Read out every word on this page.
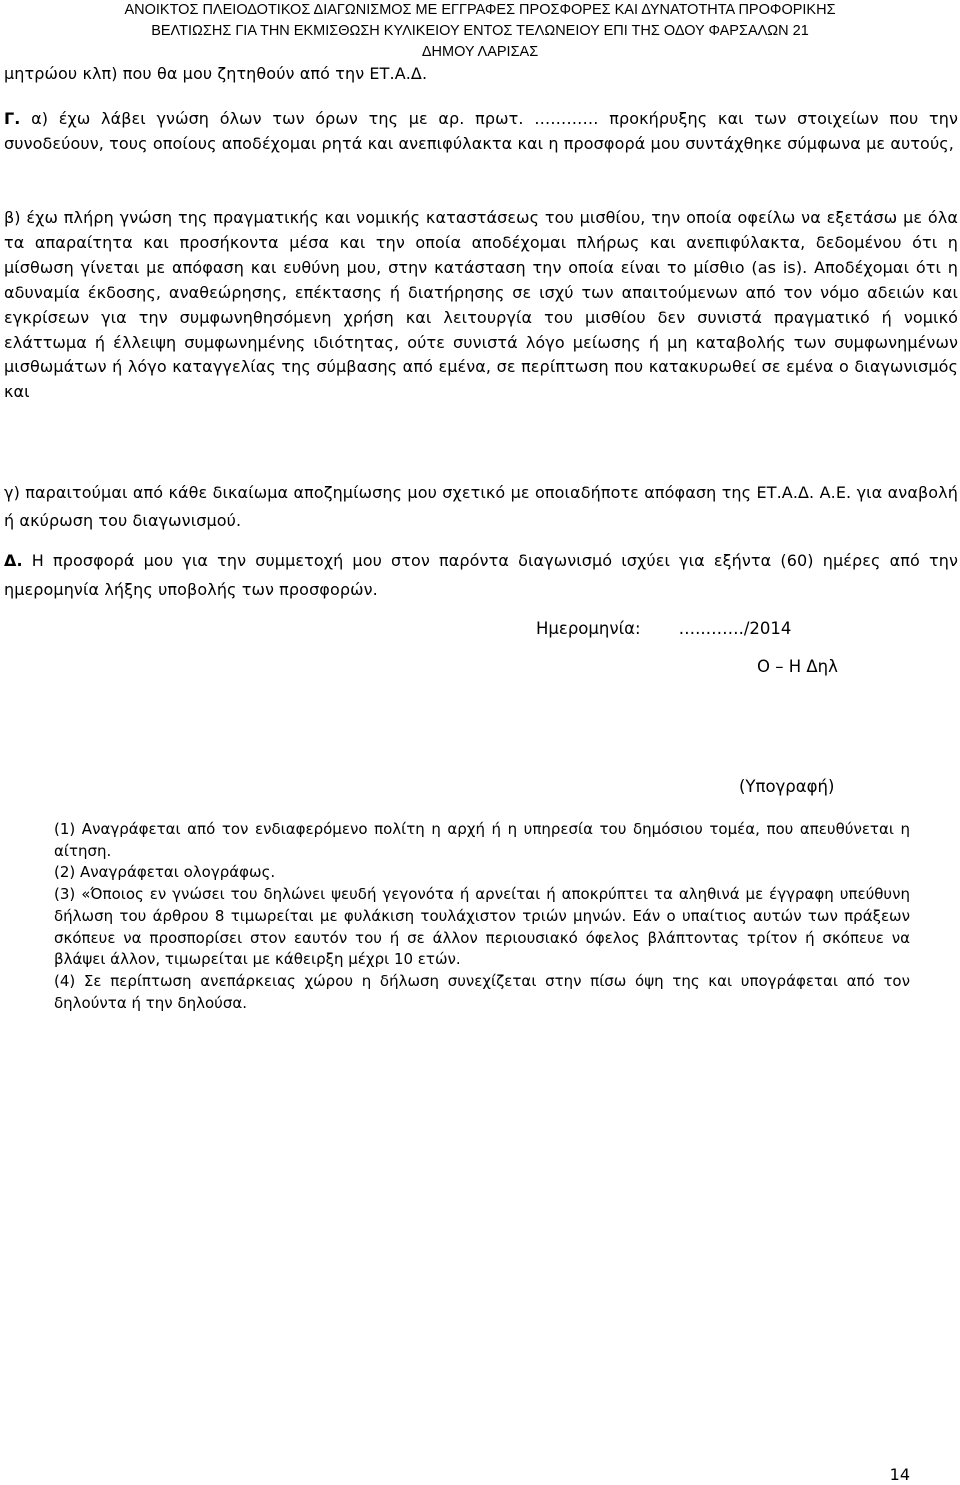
ΑΝΟΙΚΤΟΣ ΠΛΕΙΟΔΟΤΙΚΟΣ ΔΙΑΓΩΝΙΣΜΟΣ ΜΕ ΕΓΓΡΑΦΕΣ ΠΡΟΣΦΟΡΕΣ ΚΑΙ ΔΥΝΑΤΟΤΗΤΑ ΠΡΟΦΟΡΙΚΗΣ
ΒΕΛΤΙΩΣΗΣ ΓΙΑ ΤΗΝ ΕΚΜΙΣΘΩΣΗ ΚΥΛΙΚΕΙΟΥ ΕΝΤΟΣ ΤΕΛΩΝΕΙΟΥ ΕΠΙ ΤΗΣ ΟΔΟΥ ΦΑΡΣΑΛΩΝ 21
ΔΗΜΟΥ ΛΑΡΙΣΑΣ
μητρώου κλπ) που θα μου ζητηθούν από την ΕΤ.Α.Δ.
Γ. α) έχω λάβει γνώση όλων των όρων της με αρ. πρωτ. ………… προκήρυξης και των στοιχείων που την συνοδεύουν, τους οποίους αποδέχομαι ρητά και ανεπιφύλακτα και η προσφορά μου συντάχθηκε σύμφωνα με αυτούς,
β) έχω πλήρη γνώση της πραγματικής και νομικής καταστάσεως του μισθίου, την οποία οφείλω να εξετάσω με όλα τα απαραίτητα και προσήκοντα μέσα και την οποία αποδέχομαι πλήρως και ανεπιφύλακτα, δεδομένου ότι η μίσθωση γίνεται με απόφαση και ευθύνη μου, στην κατάσταση την οποία είναι το μίσθιο (as is). Αποδέχομαι ότι η αδυναμία έκδοσης, αναθεώρησης, επέκτασης ή διατήρησης σε ισχύ των απαιτούμενων από τον νόμο αδειών και εγκρίσεων για την συμφωνηθησόμενη χρήση και λειτουργία του μισθίου δεν συνιστά πραγματικό ή νομικό ελάττωμα ή έλλειψη συμφωνημένης ιδιότητας, ούτε συνιστά λόγο μείωσης ή μη καταβολής των συμφωνημένων μισθωμάτων ή λόγο καταγγελίας της σύμβασης από εμένα, σε περίπτωση που κατακυρωθεί σε εμένα ο διαγωνισμός και
γ) παραιτούμαι από κάθε δικαίωμα αποζημίωσης μου σχετικό με οποιαδήποτε απόφαση της ΕΤ.Α.Δ. Α.Ε. για αναβολή ή ακύρωση του διαγωνισμού.
Δ. Η προσφορά μου για την συμμετοχή μου στον παρόντα διαγωνισμό ισχύει για εξήντα (60) ημέρες από την ημερομηνία λήξης υποβολής των προσφορών.
Ημερομηνία: …..……./2014
Ο – Η Δηλ
(Υπογραφή)

(1) Αναγράφεται από τον ενδιαφερόμενο πολίτη η αρχή ή η υπηρεσία του δημόσιου τομέα, που απευθύνεται η αίτηση.

(2) Αναγράφεται ολογράφως.

(3) «Όποιος εν γνώσει του δηλώνει ψευδή γεγονότα ή αρνείται ή αποκρύπτει τα αληθινά με έγγραφη υπεύθυνη δήλωση του άρθρου 8 τιμωρείται με φυλάκιση τουλάχιστον τριών μηνών. Εάν ο υπαίτιος αυτών των πράξεων σκόπευε να προσπορίσει στον εαυτόν του ή σε άλλον περιουσιακό όφελος βλάπτοντας τρίτον ή σκόπευε να βλάψει άλλον, τιμωρείται με κάθειρξη μέχρι 10 ετών.

(4) Σε περίπτωση ανεπάρκειας χώρου η δήλωση συνεχίζεται στην πίσω όψη της και υπογράφεται από τον δηλούντα ή την δηλούσα.

14
